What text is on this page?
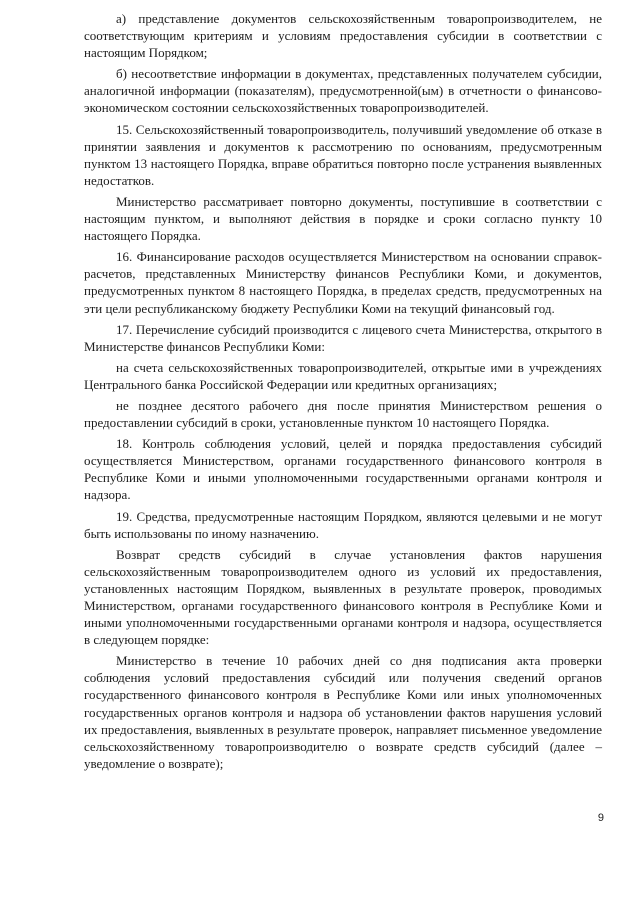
а) представление документов сельскохозяйственным товаропроизводителем, не соответствующим критериям и условиям предоставления субсидии в соответствии с настоящим Порядком;

б) несоответствие информации в документах, представленных получателем субсидии, аналогичной информации (показателям), предусмотренной(ым) в отчетности о финансово-экономическом состоянии сельскохозяйственных товаропроизводителей.

15. Сельскохозяйственный товаропроизводитель, получивший уведомление об отказе в принятии заявления и документов к рассмотрению по основаниям, предусмотренным пунктом 13 настоящего Порядка, вправе обратиться повторно после устранения выявленных недостатков.

Министерство рассматривает повторно документы, поступившие в соответствии с настоящим пунктом, и выполняют действия в порядке и сроки согласно пункту 10 настоящего Порядка.

16. Финансирование расходов осуществляется Министерством на основании справок-расчетов, представленных Министерству финансов Республики Коми, и документов, предусмотренных пунктом 8 настоящего Порядка, в пределах средств, предусмотренных на эти цели республиканскому бюджету Республики Коми на текущий финансовый год.

17. Перечисление субсидий производится с лицевого счета Министерства, открытого в Министерстве финансов Республики Коми:

на счета сельскохозяйственных товаропроизводителей, открытые ими в учреждениях Центрального банка Российской Федерации или кредитных организациях;

не позднее десятого рабочего дня после принятия Министерством решения о предоставлении субсидий в сроки, установленные пунктом 10 настоящего Порядка.

18. Контроль соблюдения условий, целей и порядка предоставления субсидий осуществляется Министерством, органами государственного финансового контроля в Республике Коми и иными уполномоченными государственными органами контроля и надзора.

19. Средства, предусмотренные настоящим Порядком, являются целевыми и не могут быть использованы по иному назначению.

Возврат средств субсидий в случае установления фактов нарушения сельскохозяйственным товаропроизводителем одного из условий их предоставления, установленных настоящим Порядком, выявленных в результате проверок, проводимых Министерством, органами государственного финансового контроля в Республике Коми и иными уполномоченными государственными органами контроля и надзора, осуществляется в следующем порядке:

Министерство в течение 10 рабочих дней со дня подписания акта проверки соблюдения условий предоставления субсидий или получения сведений органов государственного финансового контроля в Республике Коми или иных уполномоченных государственных органов контроля и надзора об установлении фактов нарушения условий их предоставления, выявленных в результате проверок, направляет письменное уведомление сельскохозяйственному товаропроизводителю о возврате средств субсидий (далее – уведомление о возврате);

9
